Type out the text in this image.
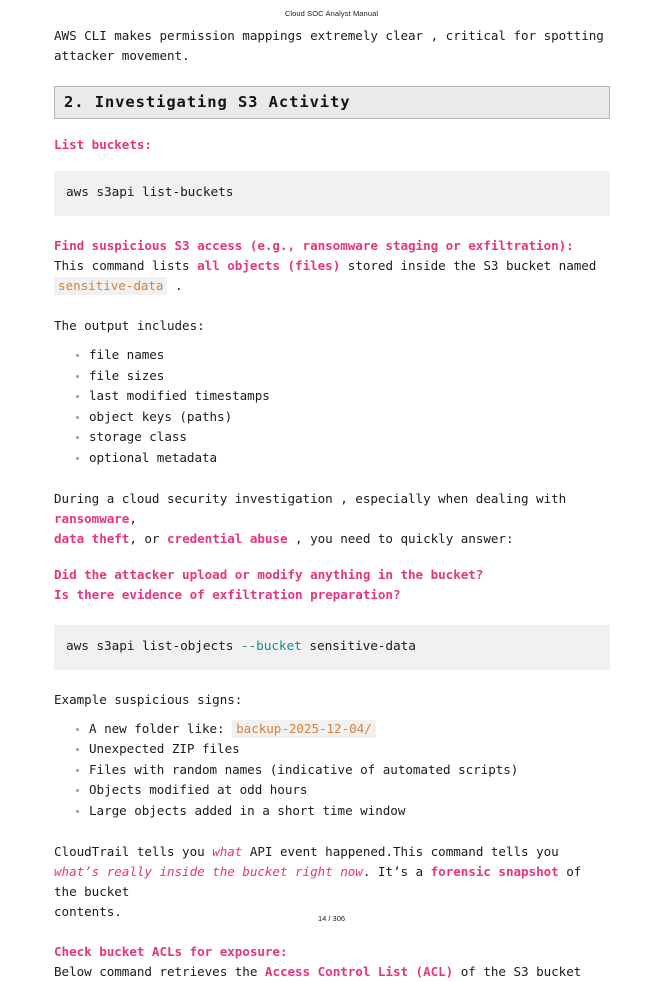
Cloud SOC Analyst Manual

AWS CLI makes permission mappings extremely clear , critical for spotting
attacker movement.

2. Investigating S3 Activity

List buckets:

aws s3api list-buckets

Find suspicious S3 access (e.g., ransomware staging or exfiltration):

This command lists all objects (files) stored inside the S3 bucket named
sensitive-data .

The output includes:

file names
file sizes
last modified timestamps
object keys (paths)
storage class
optional metadata

During a cloud security investigation , especially when dealing with ransomware,
data theft, or credential abuse , you need to quickly answer:

Did the attacker upload or modify anything in the bucket?

Is there evidence of exfiltration preparation?

aws s3api list-objects --bucket sensitive-data

Example suspicious signs:

A new folder like: backup-2025-12-04/
Unexpected ZIP files
Files with random names (indicative of automated scripts)
Objects modified at odd hours
Large objects added in a short time window

CloudTrail tells you what API event happened.This command tells you what’s really inside the bucket right now. It’s a forensic snapshot of the bucket
contents.

Check bucket ACLs for exposure:

Below command retrieves the Access Control List (ACL) of the S3 bucket

14 / 306
